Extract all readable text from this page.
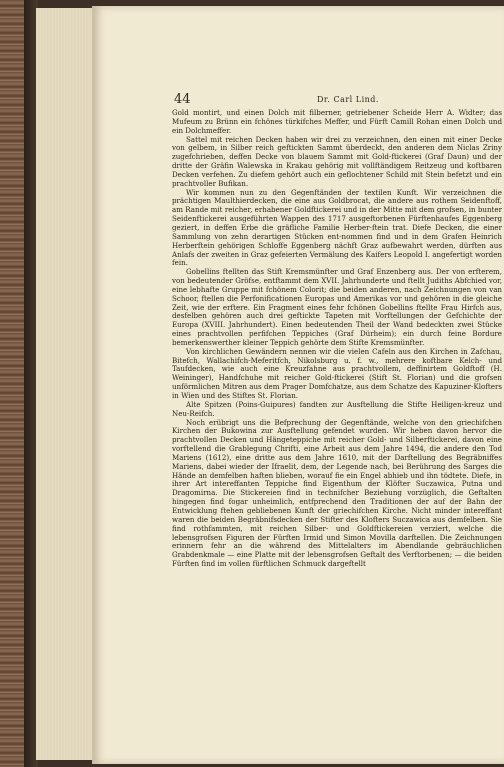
44	Dr. Carl Lind.

Gold montirt, und einen Dolch mit filberner, getriebener Scheide Herr A. Widter; das Mufeum zu Brünn ein fchönes türkifches Meffer, und Fürft Camill Rohan einen Dolch und ein Dolchmeffer.

Sattel mit reichen Decken haben wir drei zu verzeichnen, den einen mit einer Decke von gelbem, in Silber reich geftickten Sammt überdeckt, den anderen dem Niclas Zriny zugefchrieben, deffen Decke von blauem Sammt mit Gold-ftickerei (Graf Daun) und der dritte der Gräfin Walewska in Krakau gehörig mit vollftändigem Reitzeug und koftbaren Decken verfehen. Zu diefem gehört auch ein geflochtener Schild mit Stein befetzt und ein prachtvoller Bufikan.

Wir kommen nun zu den Gegenftänden der textilen Kunft. Wir verzeichnen die prächtigen Maulthierdecken, die eine aus Goldbrocat, die andere aus rothem Seidenftoff, am Rande mit reicher, erhabener Goldftickerei und in der Mitte mit dem grofsen, in bunter Seidenftickerei ausgeführten Wappen des 1717 ausgeftorbenen Fürftenhaufes Eggenberg geziert, in deffen Erbe die gräfliche Familie Herber-ftein trat. Diefe Decken, die einer Sammlung von zehn derartigen Stücken ent-nommen find und in dem Grafen Heinrich Herberftein gehörigen Schloffe Eggenberg nächft Graz aufbewahrt werden, dürften aus Anlafs der zweiten in Graz gefeierten Vermälung des Kaifers Leopold I. angefertigt worden fein.

Gobellins ftellten das Stift Kremsmünfter und Graf Enzenberg aus. Der von erfterem, von bedeutender Gröfse, entftammt dem XVII. Jahrhunderte und ftellt Judiths Abfchied vor, eine lebhafte Gruppe mit fchönem Colorit; die beiden anderen, nach Zeichnungen von van Schoor, ftellen die Perfonificationen Europas und Amerikas vor und gehören in die gleiche Zeit, wie der erftere. Ein Fragment eines fehr fchönen Gobellins ftellte Frau Hirfch aus, desfelben gehören auch drei geftickte Tapeten mit Vorftellungen der Gefchichte der Europa (XVIII. Jahrhundert). Einen bedeutenden Theil der Wand bedeckten zwei Stücke eines prachtvollen perfifchen Teppiches (Graf Dürheim); ein durch feine Bordure bemerkenswerther kleiner Teppich gehörte dem Stifte Kremsmünfter.

Von kirchlichen Gewändern nennen wir die vielen Cafeln aus den Kirchen in Zafchau, Bitefch, Wallachifch-Meferitfch, Nikolsburg u. f. w., mehrere koftbare Kelch- und Taufdecken, wie auch eine Kreuzfahne aus prachtvollem, deffinirtem Goldftoff (H. Weininger), Handfchuhe mit reicher Gold-ftickerei (Stift St. Florian) und die grofsen unförmlichen Mitren aus dem Prager Domfchatze, aus dem Schatze des Kapuziner-Klofters in Wien und des Stiftes St. Florian.

Alte Spitzen (Poins-Guipures) fandten zur Ausftellung die Stifte Heiligen-kreuz und Neu-Reifch.

Noch erübrigt uns die Befprechung der Gegenftände, welche von den griechifchen Kirchen der Bukowina zur Ausftellung gefendet wurden. Wir heben davon hervor die prachtvollen Decken und Hängeteppiche mit reicher Gold- und Silberftickerei, davon eine vorftellend die Grablegung Chrifti, eine Arbeit aus dem Jahre 1494, die andere den Tod Mariens (1612), eine dritte aus dem Jahre 1610, mit der Darftellung des Begräbniffes Mariens, dabei wieder der Ifraelit, dem, der Legende nach, bei Berührung des Sarges die Hände an demfelben haften blieben, worauf fie ein Engel abhieb und ihn tödtete. Diefe, in ihrer Art intereffanten Teppiche find Eigenthum der Klöfter Suczawica, Putna und Dragomirna. Die Stickereien find in technifcher Beziehung vorzüglich, die Geftalten hingegen find fogar unheimlich, entfprechend den Traditionen der auf der Bahn der Entwicklung ftehen gebliebenen Kunft der griechifchen Kirche. Nicht minder intereffant waren die beiden Begräbnifsdecken der Stifter des Klofters Suczawica aus demfelben. Sie find rothfammten, mit reichen Silber- und Goldftickereien verziert, welche die lebensgrofsen Figuren der Fürften Irmid und Simon Movilla darftellen. Die Zeichnungen erinnern fehr an die während des Mittelalters im Abendlande gebräuchlichen Grabdenkmale — eine Platte mit der lebensgrofsen Geftalt des Verftorbenen; — die beiden Fürften find im vollen fürftlichen Schmuck dargeftellt
